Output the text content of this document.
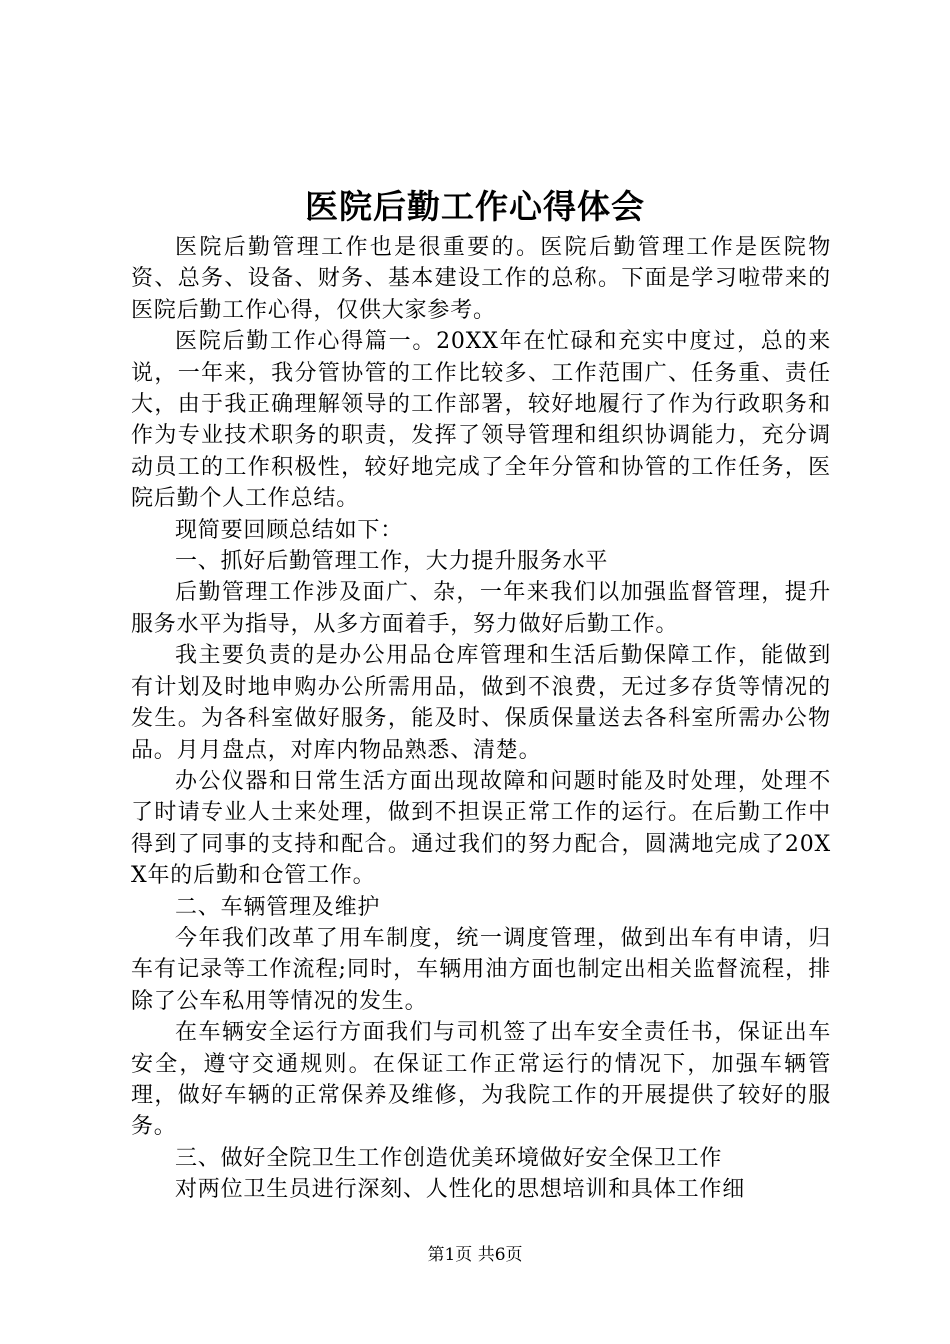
医院后勤工作心得体会

医院后勤管理工作也是很重要的。医院后勤管理工作是医院物资、总务、设备、财务、基本建设工作的总称。下面是学习啦带来的医院后勤工作心得，仅供大家参考。

医院后勤工作心得篇一。20XX年在忙碌和充实中度过，总的来说，一年来，我分管协管的工作比较多、工作范围广、任务重、责任大，由于我正确理解领导的工作部署，较好地履行了作为行政职务和作为专业技术职务的职责，发挥了领导管理和组织协调能力，充分调动员工的工作积极性，较好地完成了全年分管和协管的工作任务，医院后勤个人工作总结。

现简要回顾总结如下：

一、抓好后勤管理工作，大力提升服务水平

后勤管理工作涉及面广、杂，一年来我们以加强监督管理，提升服务水平为指导，从多方面着手，努力做好后勤工作。

我主要负责的是办公用品仓库管理和生活后勤保障工作，能做到有计划及时地申购办公所需用品，做到不浪费，无过多存货等情况的发生。为各科室做好服务，能及时、保质保量送去各科室所需办公物品。月月盘点，对库内物品熟悉、清楚。

办公仪器和日常生活方面出现故障和问题时能及时处理，处理不了时请专业人士来处理，做到不担误正常工作的运行。在后勤工作中得到了同事的支持和配合。通过我们的努力配合，圆满地完成了20XX年的后勤和仓管工作。

二、车辆管理及维护

今年我们改革了用车制度，统一调度管理，做到出车有申请，归车有记录等工作流程;同时，车辆用油方面也制定出相关监督流程，排除了公车私用等情况的发生。

在车辆安全运行方面我们与司机签了出车安全责任书，保证出车安全，遵守交通规则。在保证工作正常运行的情况下，加强车辆管理，做好车辆的正常保养及维修，为我院工作的开展提供了较好的服务。

三、做好全院卫生工作创造优美环境做好安全保卫工作

对两位卫生员进行深刻、人性化的思想培训和具体工作细

第1页 共6页
